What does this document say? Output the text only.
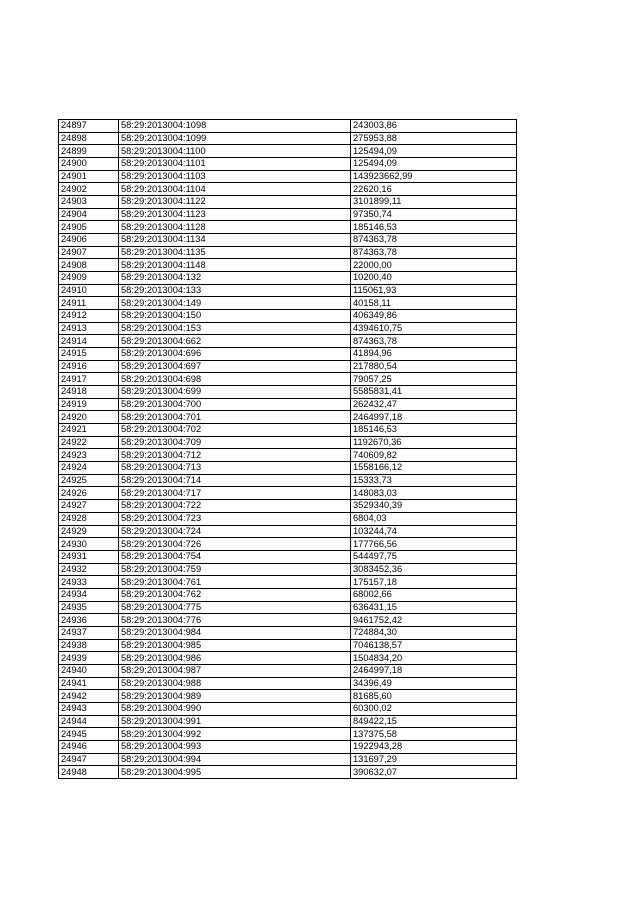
24897	58:29:2013004:1098	243003,86
24898	58:29:2013004:1099	275953,88
24899	58:29:2013004:1100	125494,09
24900	58:29:2013004:1101	125494,09
24901	58:29:2013004:1103	143923662,99
24902	58:29:2013004:1104	22620,16
24903	58:29:2013004:1122	3101899,11
24904	58:29:2013004:1123	97350,74
24905	58:29:2013004:1128	185146,53
24906	58:29:2013004:1134	874363,78
24907	58:29:2013004:1135	874363,78
24908	58:29:2013004:1148	22000,00
24909	58:29:2013004:132	10200,40
24910	58:29:2013004:133	115061,93
24911	58:29:2013004:149	40158,11
24912	58:29:2013004:150	406349,86
24913	58:29:2013004:153	4394610,75
24914	58:29:2013004:662	874363,78
24915	58:29:2013004:696	41894,96
24916	58:29:2013004:697	217880,54
24917	58:29:2013004:698	79057,25
24918	58:29:2013004:699	5585831,41
24919	58:29:2013004:700	262432,47
24920	58:29:2013004:701	2464997,18
24921	58:29:2013004:702	185146,53
24922	58:29:2013004:709	1192670,36
24923	58:29:2013004:712	740609,82
24924	58:29:2013004:713	1558166,12
24925	58:29:2013004:714	15333,73
24926	58:29:2013004:717	148083,03
24927	58:29:2013004:722	3529340,39
24928	58:29:2013004:723	6804,03
24929	58:29:2013004:724	103244,74
24930	58:29:2013004:726	177766,56
24931	58:29:2013004:754	544497,75
24932	58:29:2013004:759	3083452,36
24933	58:29:2013004:761	175157,18
24934	58:29:2013004:762	68002,66
24935	58:29:2013004:775	636431,15
24936	58:29:2013004:776	9461752,42
24937	58:29:2013004:984	724884,30
24938	58:29:2013004:985	7046138,57
24939	58:29:2013004:986	1504834,20
24940	58:29:2013004:987	2464997,18
24941	58:29:2013004:988	34396,49
24942	58:29:2013004:989	81685,60
24943	58:29:2013004:990	60300,02
24944	58:29:2013004:991	849422,15
24945	58:29:2013004:992	137375,58
24946	58:29:2013004:993	1922943,28
24947	58:29:2013004:994	131697,29
24948	58:29:2013004:995	390632,07
